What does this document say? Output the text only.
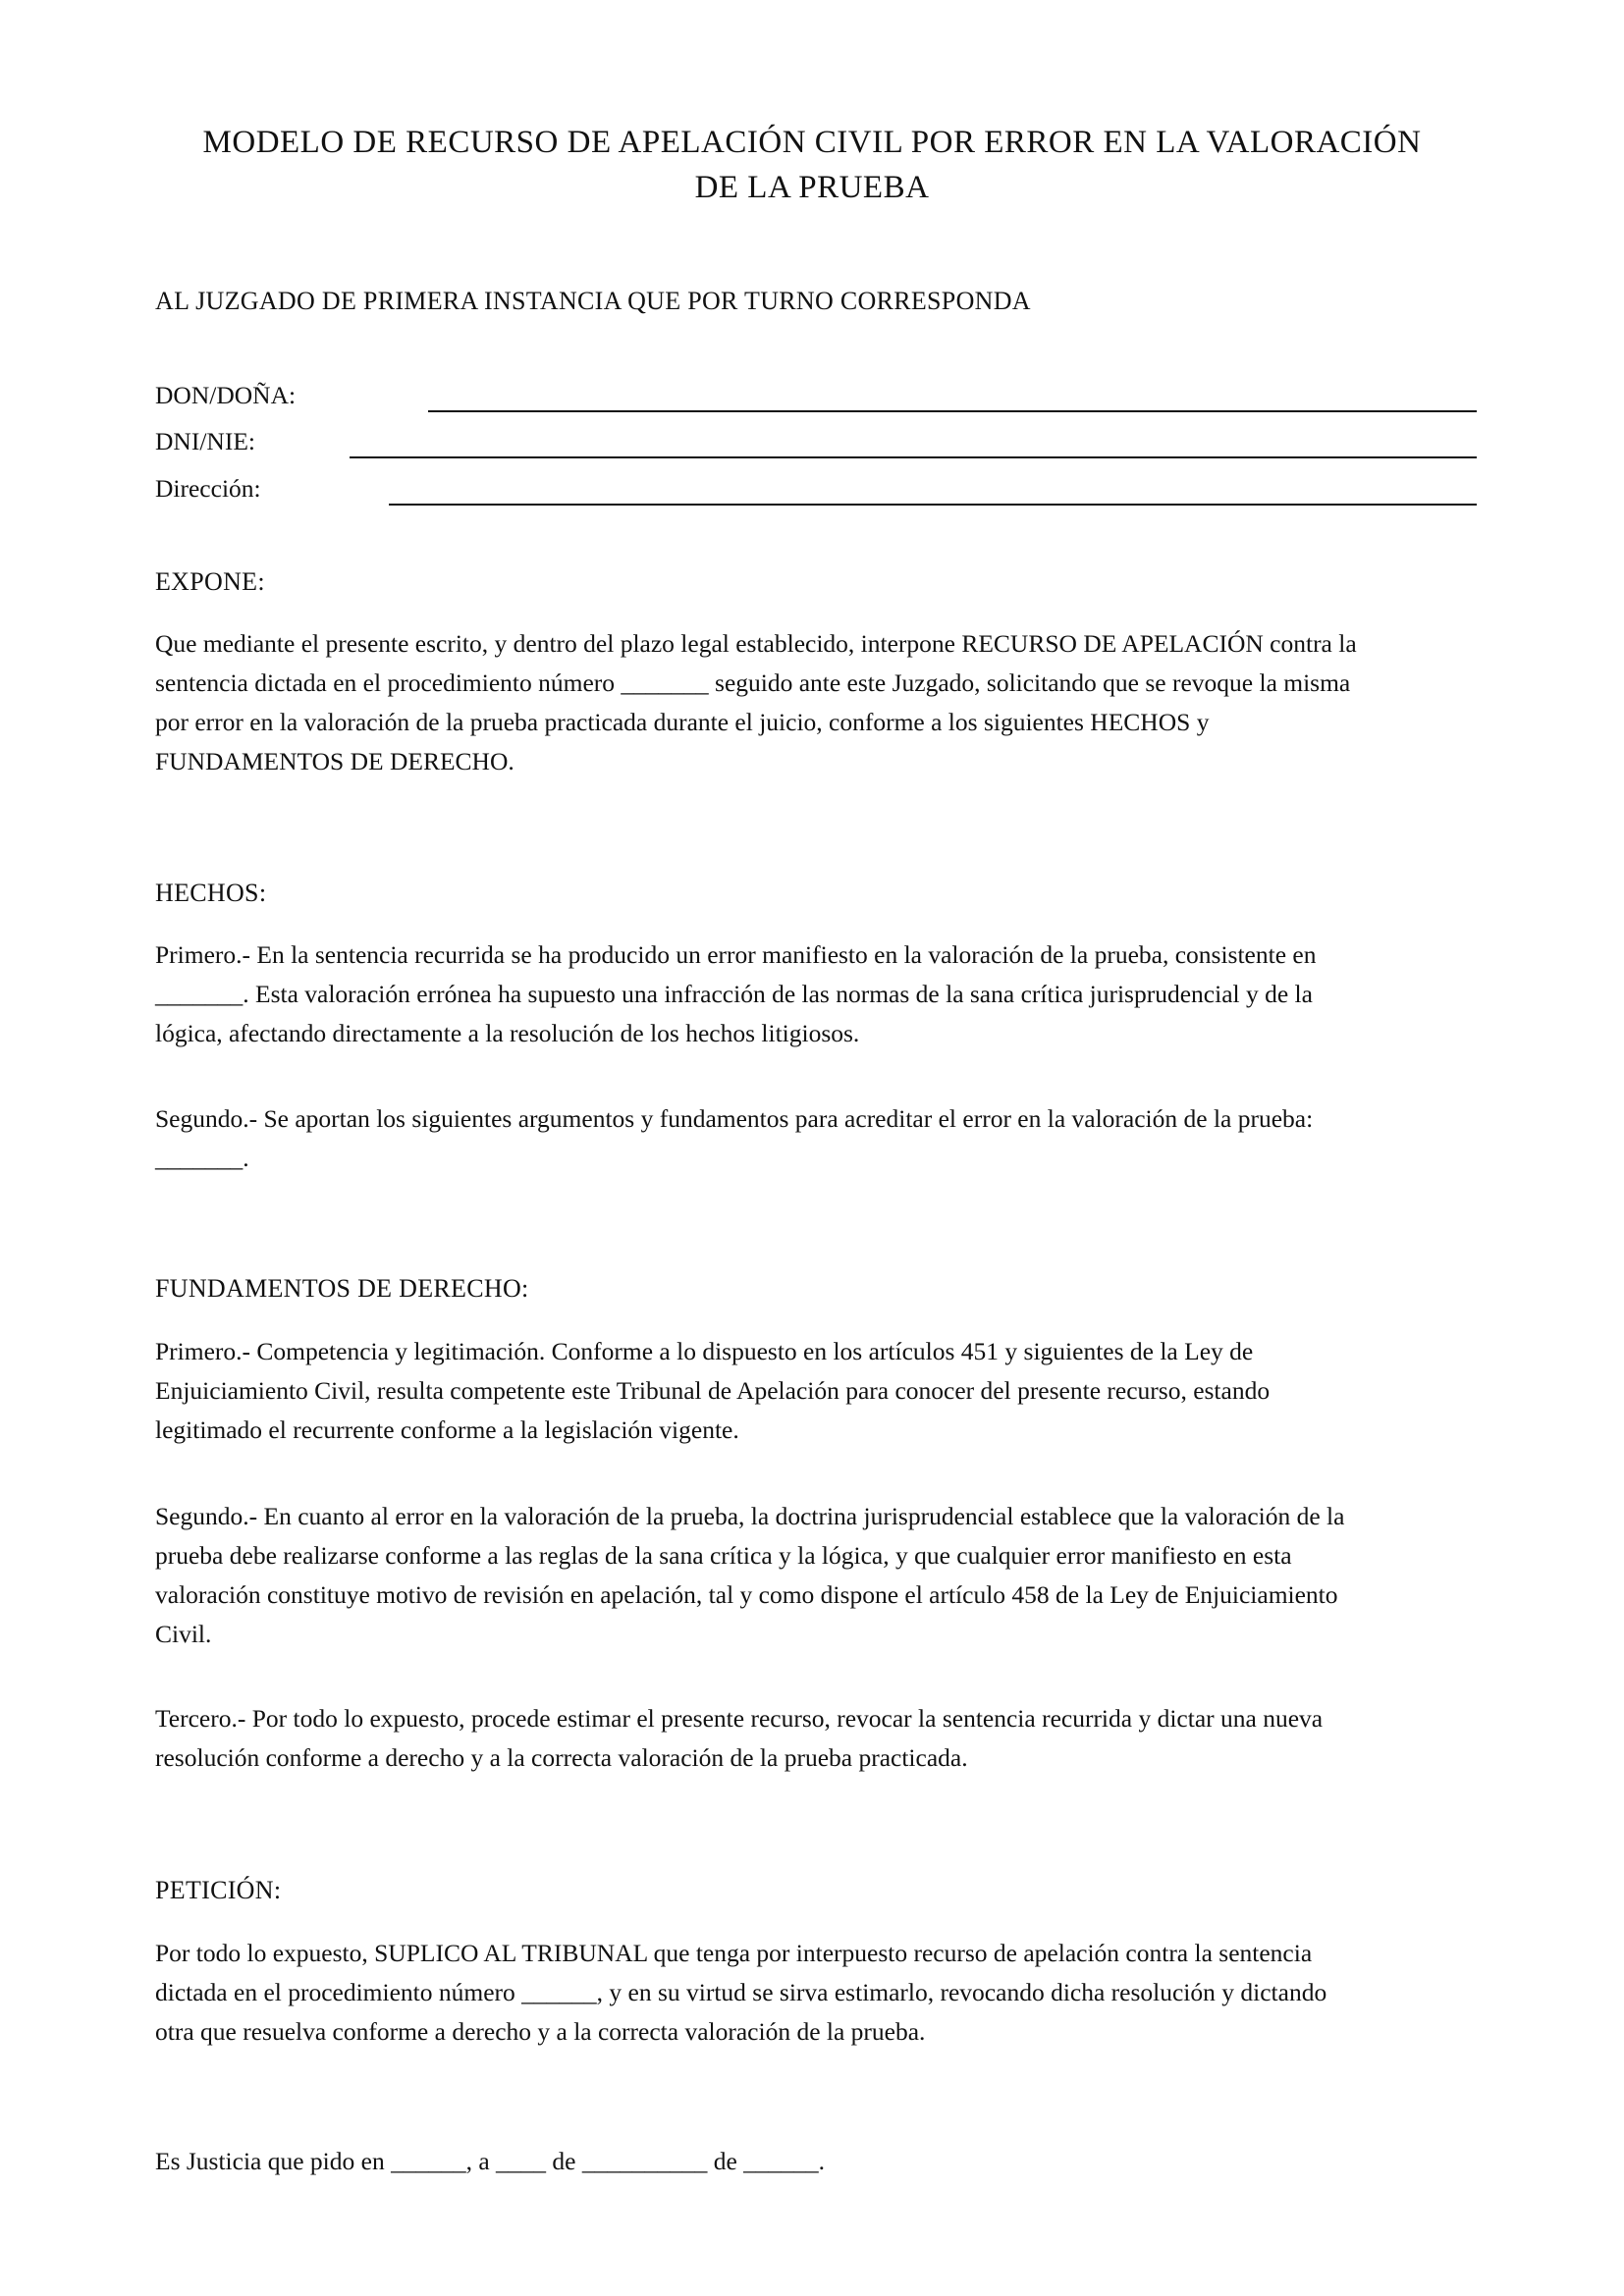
MODELO DE RECURSO DE APELACIÓN CIVIL POR ERROR EN LA VALORACIÓN
DE LA PRUEBA
AL JUZGADO DE PRIMERA INSTANCIA QUE POR TURNO CORRESPONDA
DON/DOÑA:
DNI/NIE:
Dirección:
EXPONE:
Que mediante el presente escrito, y dentro del plazo legal establecido, interpone RECURSO DE APELACIÓN contra la
sentencia dictada en el procedimiento número _______ seguido ante este Juzgado, solicitando que se revoque la misma
por error en la valoración de la prueba practicada durante el juicio, conforme a los siguientes HECHOS y
FUNDAMENTOS DE DERECHO.
HECHOS:
Primero.- En la sentencia recurrida se ha producido un error manifiesto en la valoración de la prueba, consistente en
_______. Esta valoración errónea ha supuesto una infracción de las normas de la sana crítica jurisprudencial y de la
lógica, afectando directamente a la resolución de los hechos litigiosos.
Segundo.- Se aportan los siguientes argumentos y fundamentos para acreditar el error en la valoración de la prueba:
_______.
FUNDAMENTOS DE DERECHO:
Primero.- Competencia y legitimación. Conforme a lo dispuesto en los artículos 451 y siguientes de la Ley de
Enjuiciamiento Civil, resulta competente este Tribunal de Apelación para conocer del presente recurso, estando
legitimado el recurrente conforme a la legislación vigente.
Segundo.- En cuanto al error en la valoración de la prueba, la doctrina jurisprudencial establece que la valoración de la
prueba debe realizarse conforme a las reglas de la sana crítica y la lógica, y que cualquier error manifiesto en esta
valoración constituye motivo de revisión en apelación, tal y como dispone el artículo 458 de la Ley de Enjuiciamiento
Civil.
Tercero.- Por todo lo expuesto, procede estimar el presente recurso, revocar la sentencia recurrida y dictar una nueva
resolución conforme a derecho y a la correcta valoración de la prueba practicada.
PETICIÓN:
Por todo lo expuesto, SUPLICO AL TRIBUNAL que tenga por interpuesto recurso de apelación contra la sentencia
dictada en el procedimiento número ______, y en su virtud se sirva estimarlo, revocando dicha resolución y dictando
otra que resuelva conforme a derecho y a la correcta valoración de la prueba.
Es Justicia que pido en ______, a ____ de __________ de ______.
